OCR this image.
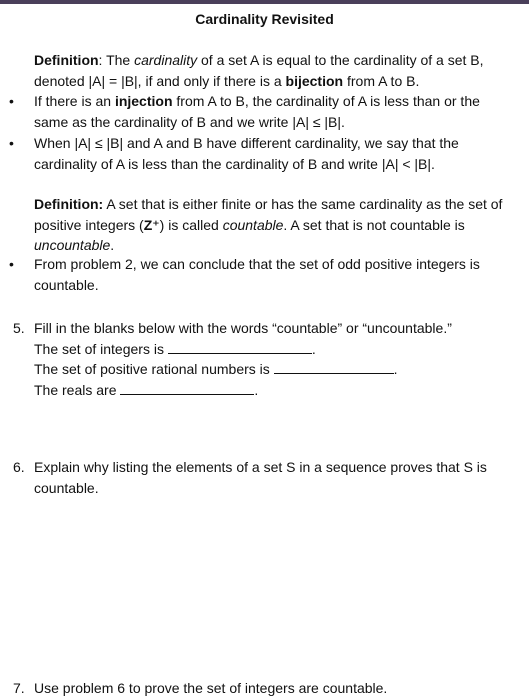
Cardinality Revisited
Definition: The cardinality of a set A is equal to the cardinality of a set B, denoted |A| = |B|, if and only if there is a bijection from A to B.
• If there is an injection from A to B, the cardinality of A is less than or the same as the cardinality of B and we write |A| ≤ |B|.
• When |A| ≤ |B| and A and B have different cardinality, we say that the cardinality of A is less than the cardinality of B and write |A| < |B|.
Definition: A set that is either finite or has the same cardinality as the set of positive integers (Z⁺) is called countable. A set that is not countable is uncountable.
• From problem 2, we can conclude that the set of odd positive integers is countable.
5. Fill in the blanks below with the words “countable” or “uncountable.”
The set of integers is	.
The set of positive rational numbers is	.
The reals are	.
6. Explain why listing the elements of a set S in a sequence proves that S is countable.
7. Use problem 6 to prove the set of integers are countable.
